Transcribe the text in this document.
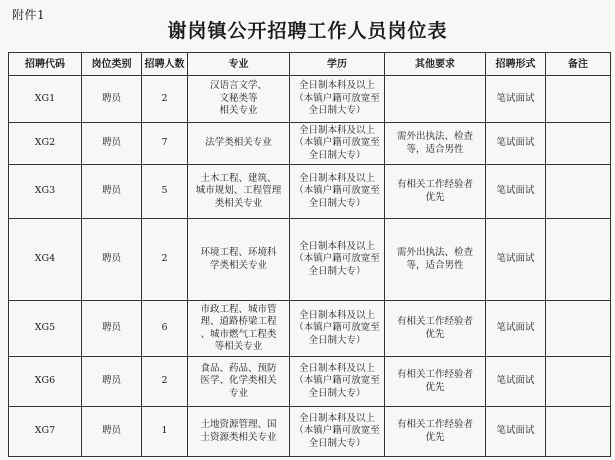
附件1
谢岗镇公开招聘工作人员岗位表
招聘代码	岗位类别	招聘人数	专业	学历	其他要求	招聘形式	备注
XG1	聘员	2	汉语言文学、
文秘类等
相关专业	全日制本科及以上
（本镇户籍可放宽至
全日制大专）		笔试面试	
XG2	聘员	7	法学类相关专业	全日制本科及以上
（本镇户籍可放宽至
全日制大专）	需外出执法、检查
等，适合男性	笔试面试	
XG3	聘员	5	土木工程、建筑、
城市规划、工程管理
类相关专业	全日制本科及以上
（本镇户籍可放宽至
全日制大专）	有相关工作经验者
优先	笔试面试	
XG4	聘员	2	环境工程、环境科
学类相关专业	全日制本科及以上
（本镇户籍可放宽至
全日制大专）	需外出执法、检查
等，适合男性	笔试面试	
XG5	聘员	6	市政工程、城市管
理、道路桥梁工程
、城市燃气工程类
等相关专业	全日制本科及以上
（本镇户籍可放宽至
全日制大专）	有相关工作经验者
优先	笔试面试	
XG6	聘员	2	食品、药品、预防
医学、化学类相关
专业	全日制本科及以上
（本镇户籍可放宽至
全日制大专）	有相关工作经验者
优先	笔试面试	
XG7	聘员	1	土地资源管理、国
土资源类相关专业	全日制本科及以上
（本镇户籍可放宽至
全日制大专）	有相关工作经验者
优先	笔试面试	
